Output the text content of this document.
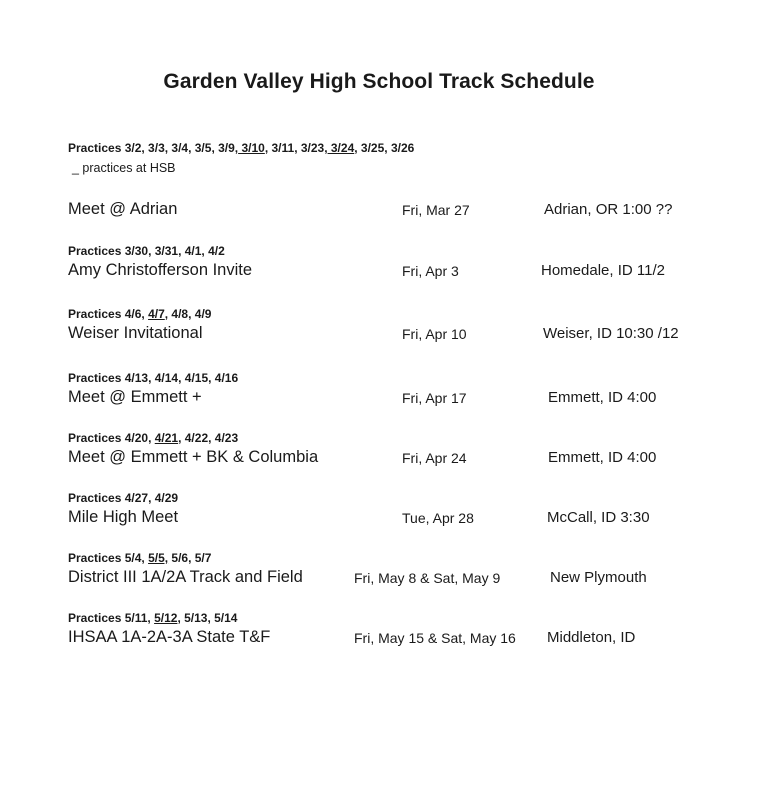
Garden Valley High School Track Schedule
Practices 3/2, 3/3, 3/4, 3/5, 3/9, 3/10, 3/11, 3/23, 3/24, 3/25, 3/26
_ practices at HSB
Meet @ Adrian	Fri, Mar 27	Adrian, OR 1:00 ??
Practices 3/30, 3/31, 4/1, 4/2
Amy Christofferson Invite	Fri, Apr 3	Homedale, ID 11/2
Practices 4/6, 4/7, 4/8, 4/9
Weiser Invitational	Fri, Apr 10	Weiser, ID 10:30 /12
Practices 4/13, 4/14, 4/15, 4/16
Meet @ Emmett +	Fri, Apr 17	Emmett, ID 4:00
Practices 4/20, 4/21, 4/22, 4/23
Meet @ Emmett + BK & Columbia	Fri, Apr 24	Emmett, ID 4:00
Practices 4/27, 4/29
Mile High Meet	Tue, Apr 28	McCall, ID 3:30
Practices 5/4, 5/5, 5/6, 5/7
District III 1A/2A Track and Field	Fri, May 8 & Sat, May 9	New Plymouth
Practices 5/11, 5/12, 5/13, 5/14
IHSAA 1A-2A-3A State T&F	Fri, May 15 & Sat, May 16 Middleton, ID
